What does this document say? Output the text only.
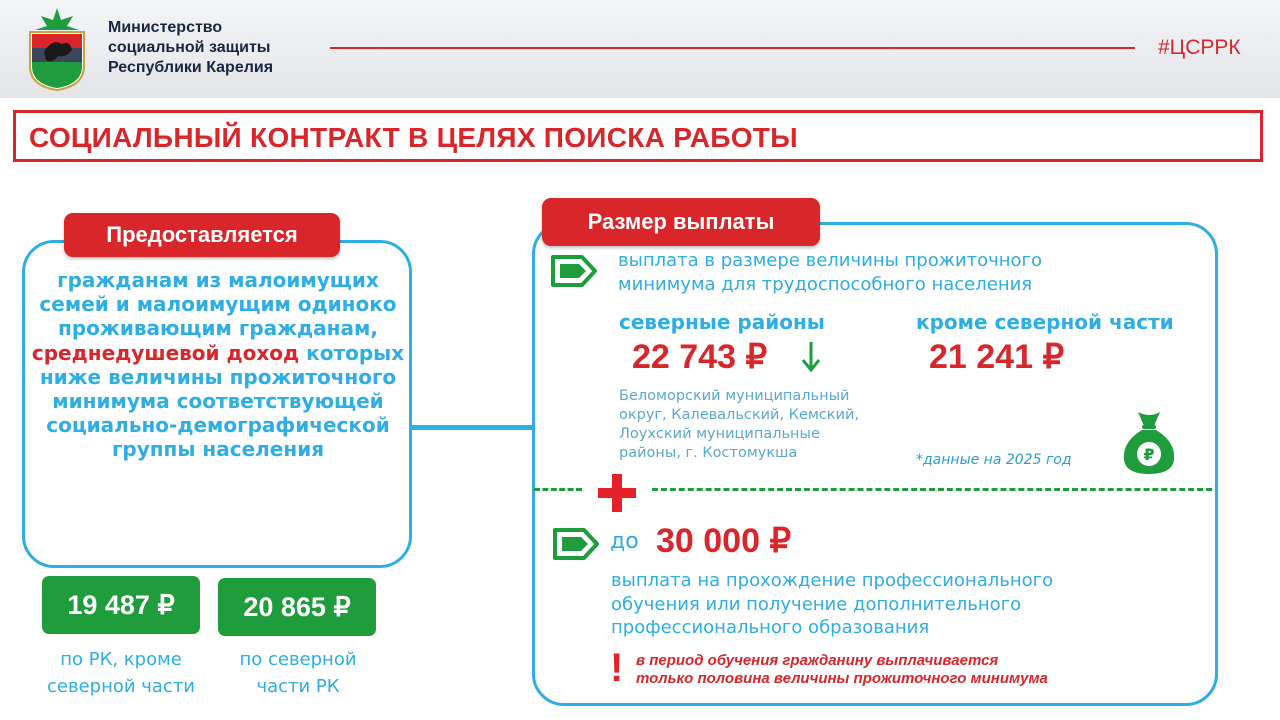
Министерство
социальной защиты
Республики Карелия
#ЦСРРК
СОЦИАЛЬНЫЙ КОНТРАКТ В ЦЕЛЯХ ПОИСКА РАБОТЫ
гражданам из малоимущих семей и малоимущим одиноко проживающим гражданам, среднедушевой доход которых ниже величины прожиточного минимума соответствующей социально-демографической группы населения
Предоставляется
19 487 ₽	20 865 ₽
по РК, кроме
северной части
по северной
части РК
Размер выплаты
выплата в размере величины прожиточного
минимума для трудоспособного населения
северные районы	кроме северной части
22 743 ₽	21 241 ₽
Беломорский муниципальный
округ, Калевальский, Кемский,
Лоухский муниципальные
районы, г. Костомукша	*данные на 2025 год	₽
до 30 000 ₽
выплата на прохождение профессионального
обучения или получение дополнительного
профессионального образования
! в период обучения гражданину выплачивается
только половина величины прожиточного минимума
